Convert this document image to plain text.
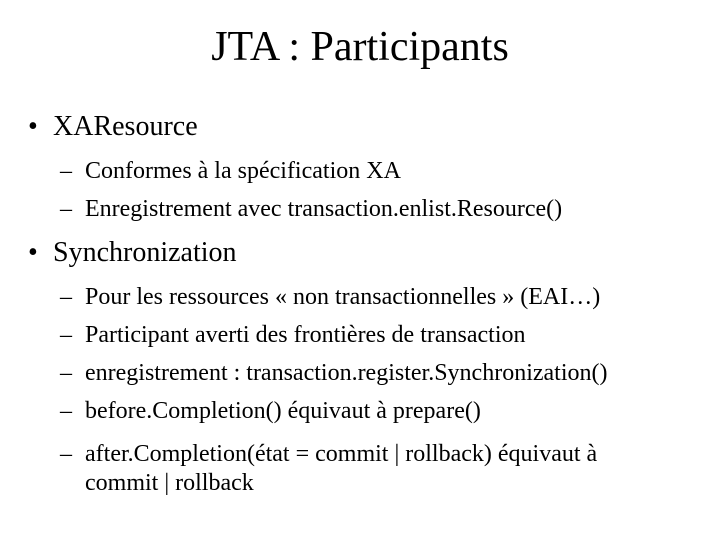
JTA : Participants
• XAResource
– Conformes à la spécification XA
– Enregistrement avec transaction.enlist.Resource()
• Synchronization
– Pour les ressources « non transactionnelles » (EAI…)
– Participant averti des frontières de transaction
– enregistrement : transaction.register.Synchronization()
– before.Completion() équivaut à prepare()
– after.Completion(état = commit | rollback) équivaut à
commit | rollback
